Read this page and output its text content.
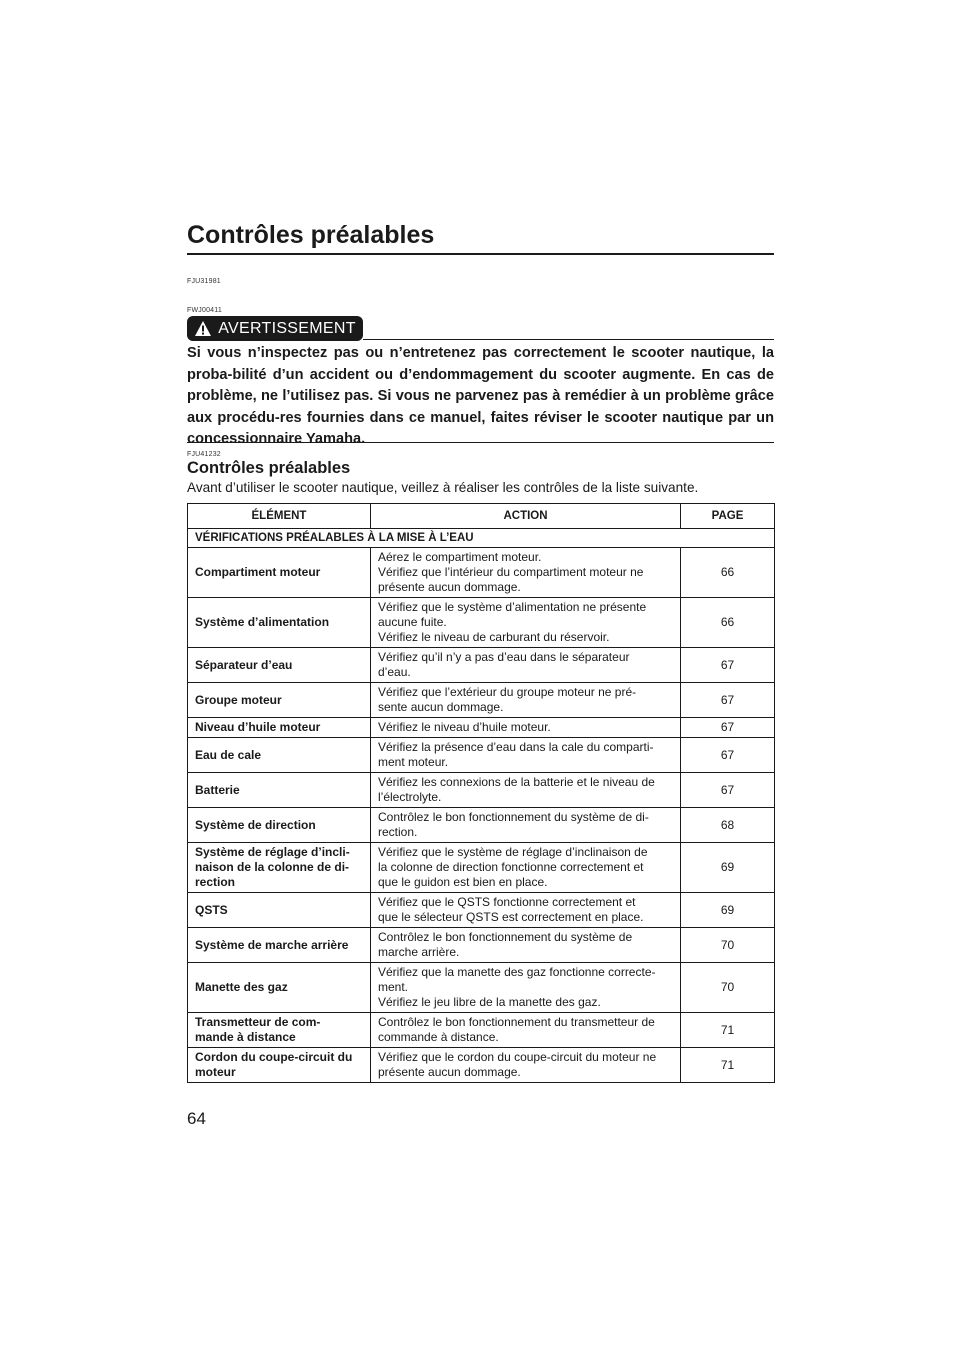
Contrôles préalables
FJU31981
FWJ00411
AVERTISSEMENT

Si vous n’inspectez pas ou n’entretenez pas correctement le scooter nautique, la proba-bilité d’un accident ou d’endommagement du scooter augmente. En cas de problème, ne l’utilisez pas. Si vous ne parvenez pas à remédier à un problème grâce aux procédu-res fournies dans ce manuel, faites réviser le scooter nautique par un concessionnaire Yamaha.

FJU41232
Contrôles préalables

Avant d’utiliser le scooter nautique, veillez à réaliser les contrôles de la liste suivante.

ÉLÉMENT	ACTION	PAGE
VÉRIFICATIONS PRÉALABLES À LA MISE À L’EAU		
Compartiment moteur	Aérez le compartiment moteur.
Vérifiez que l’intérieur du compartiment moteur ne
présente aucun dommage.	66
Système d’alimentation	Vérifiez que le système d’alimentation ne présente
aucune fuite.
Vérifiez le niveau de carburant du réservoir.	66
Séparateur d’eau	Vérifiez qu’il n’y a pas d’eau dans le séparateur
d’eau.	67
Groupe moteur	Vérifiez que l’extérieur du groupe moteur ne pré-
sente aucun dommage.	67
Niveau d’huile moteur	Vérifiez le niveau d’huile moteur.	67
Eau de cale	Vérifiez la présence d’eau dans la cale du comparti-
ment moteur.	67
Batterie	Vérifiez les connexions de la batterie et le niveau de
l’électrolyte.	67
Système de direction	Contrôlez le bon fonctionnement du système de di-
rection.	68
Système de réglage d’incli-
naison de la colonne de di-
rection	Vérifiez que le système de réglage d’inclinaison de
la colonne de direction fonctionne correctement et
que le guidon est bien en place.	69
QSTS	Vérifiez que le QSTS fonctionne correctement et
que le sélecteur QSTS est correctement en place.	69
Système de marche arrière	Contrôlez le bon fonctionnement du système de
marche arrière.	70
Manette des gaz	Vérifiez que la manette des gaz fonctionne correcte-
ment.
Vérifiez le jeu libre de la manette des gaz.	70
Transmetteur de com-
mande à distance	Contrôlez le bon fonctionnement du transmetteur de
commande à distance.	71
Cordon du coupe-circuit du
moteur	Vérifiez que le cordon du coupe-circuit du moteur ne
présente aucun dommage.	71

64
